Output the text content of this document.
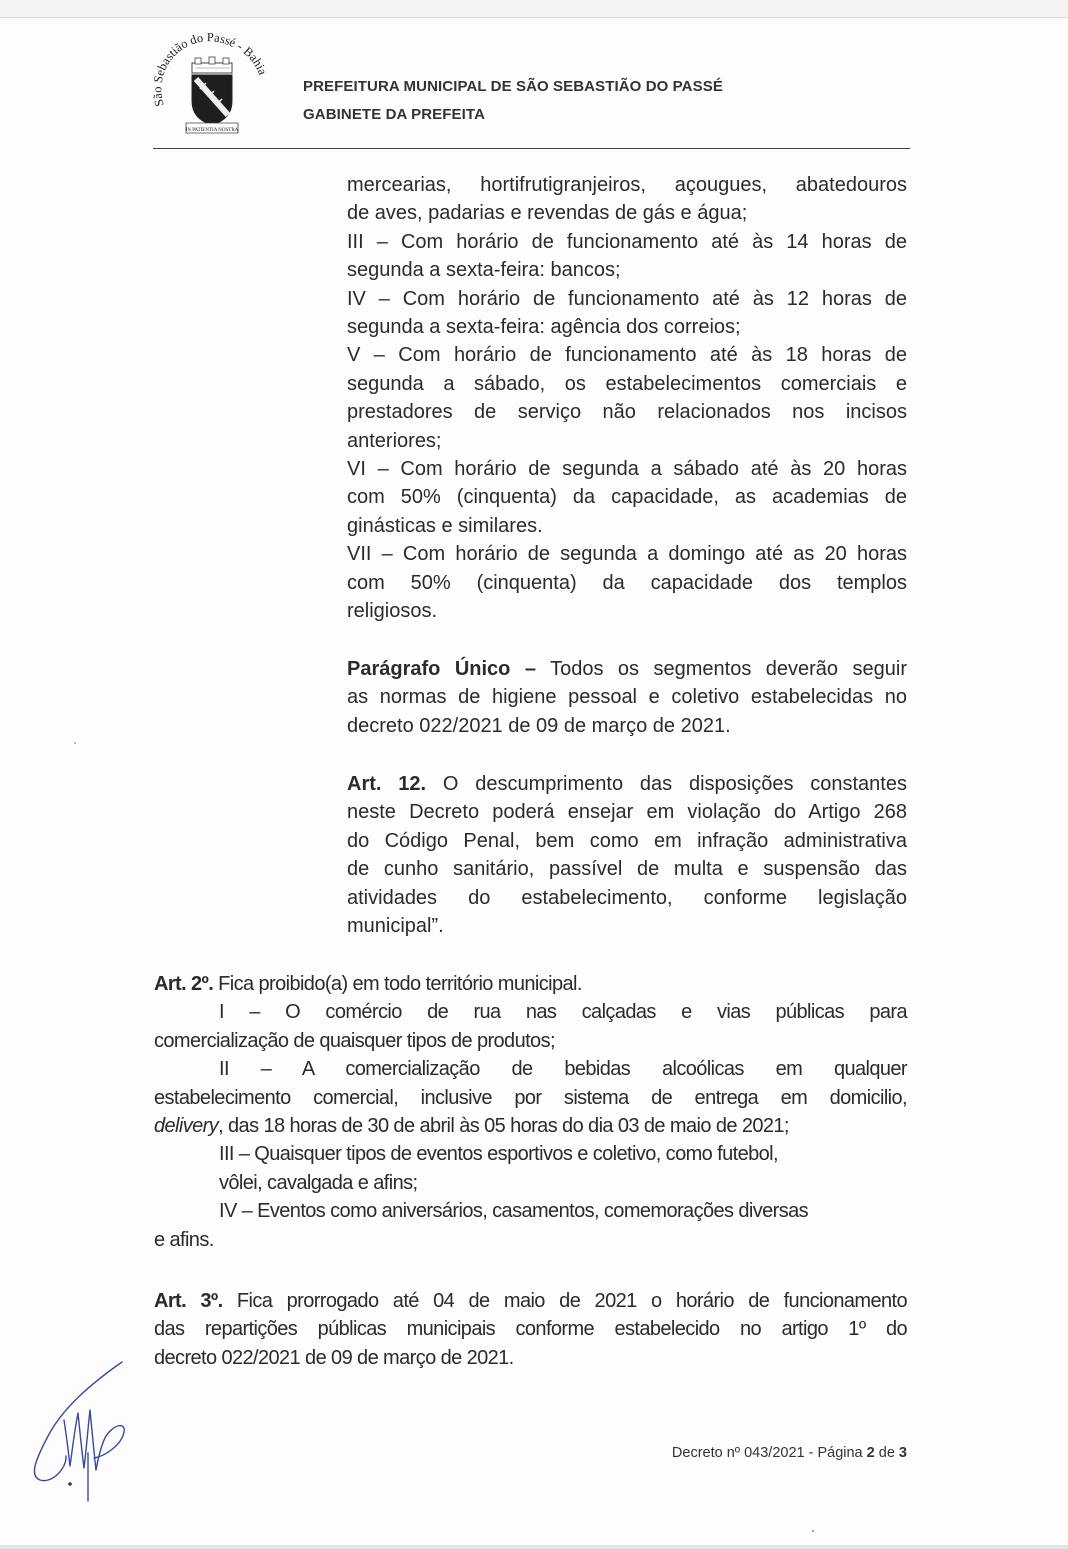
São Sebastião do Passé - Bahia
IN PATIENTIA NOSTRA
PREFEITURA MUNICIPAL DE SÃO SEBASTIÃO DO PASSÉ
GABINETE DA PREFEITA
mercearias, hortifrutigranjeiros, açougues, abatedouros
de aves, padarias e revendas de gás e água;
III – Com horário de funcionamento até às 14 horas de
segunda a sexta-feira: bancos;
IV – Com horário de funcionamento até às 12 horas de
segunda a sexta-feira: agência dos correios;
V – Com horário de funcionamento até às 18 horas de
segunda a sábado, os estabelecimentos comerciais e
prestadores de serviço não relacionados nos incisos
anteriores;
VI – Com horário de segunda a sábado até às 20 horas
com 50% (cinquenta) da capacidade, as academias de
ginásticas e similares.
VII – Com horário de segunda a domingo até as 20 horas
com 50% (cinquenta) da capacidade dos templos
religiosos.
Parágrafo Único – Todos os segmentos deverão seguir
as normas de higiene pessoal e coletivo estabelecidas no
decreto 022/2021 de 09 de março de 2021.
Art. 12. O descumprimento das disposições constantes
neste Decreto poderá ensejar em violação do Artigo 268
do Código Penal, bem como em infração administrativa
de cunho sanitário, passível de multa e suspensão das
atividades do estabelecimento, conforme legislação
municipal”.
Art. 2º. Fica proibido(a) em todo território municipal.
I – O comércio de rua nas calçadas e vias públicas para
comercialização de quaisquer tipos de produtos;
II – A comercialização de bebidas alcoólicas em qualquer
estabelecimento comercial, inclusive por sistema de entrega em domicilio,
delivery, das 18 horas de 30 de abril às 05 horas do dia 03 de maio de 2021;
III – Quaisquer tipos de eventos esportivos e coletivo, como futebol,
vôlei, cavalgada e afins;
IV – Eventos como aniversários, casamentos, comemorações diversas
e afins.
Art. 3º. Fica prorrogado até 04 de maio de 2021 o horário de funcionamento
das repartições públicas municipais conforme estabelecido no artigo 1º do
decreto 022/2021 de 09 de março de 2021.
Decreto nº 043/2021 - Página 2 de 3
